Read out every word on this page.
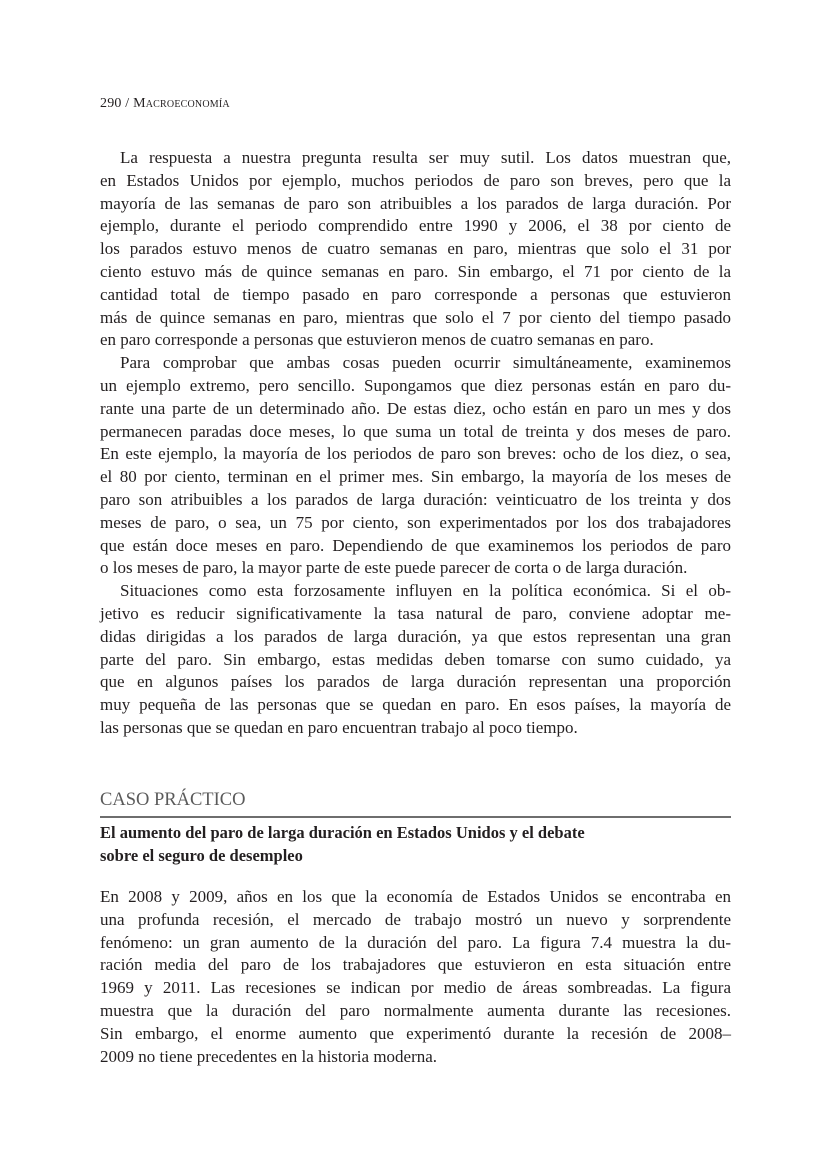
290 / Macroeconomía
La respuesta a nuestra pregunta resulta ser muy sutil. Los datos muestran que,
en Estados Unidos por ejemplo, muchos periodos de paro son breves, pero que la
mayoría de las semanas de paro son atribuibles a los parados de larga duración. Por
ejemplo, durante el periodo comprendido entre 1990 y 2006, el 38 por ciento de
los parados estuvo menos de cuatro semanas en paro, mientras que solo el 31 por
ciento estuvo más de quince semanas en paro. Sin embargo, el 71 por ciento de la
cantidad total de tiempo pasado en paro corresponde a personas que estuvieron
más de quince semanas en paro, mientras que solo el 7 por ciento del tiempo pasado
en paro corresponde a personas que estuvieron menos de cuatro semanas en paro.
Para comprobar que ambas cosas pueden ocurrir simultáneamente, examinemos
un ejemplo extremo, pero sencillo. Supongamos que diez personas están en paro du-
rante una parte de un determinado año. De estas diez, ocho están en paro un mes y dos
permanecen paradas doce meses, lo que suma un total de treinta y dos meses de paro.
En este ejemplo, la mayoría de los periodos de paro son breves: ocho de los diez, o sea,
el 80 por ciento, terminan en el primer mes. Sin embargo, la mayoría de los meses de
paro son atribuibles a los parados de larga duración: veinticuatro de los treinta y dos
meses de paro, o sea, un 75 por ciento, son experimentados por los dos trabajadores
que están doce meses en paro. Dependiendo de que examinemos los periodos de paro
o los meses de paro, la mayor parte de este puede parecer de corta o de larga duración.
Situaciones como esta forzosamente influyen en la política económica. Si el ob-
jetivo es reducir significativamente la tasa natural de paro, conviene adoptar me-
didas dirigidas a los parados de larga duración, ya que estos representan una gran
parte del paro. Sin embargo, estas medidas deben tomarse con sumo cuidado, ya
que en algunos países los parados de larga duración representan una proporción
muy pequeña de las personas que se quedan en paro. En esos países, la mayoría de
las personas que se quedan en paro encuentran trabajo al poco tiempo.
CASO PRÁCTICO
El aumento del paro de larga duración en Estados Unidos y el debate
sobre el seguro de desempleo
En 2008 y 2009, años en los que la economía de Estados Unidos se encontraba en
una profunda recesión, el mercado de trabajo mostró un nuevo y sorprendente
fenómeno: un gran aumento de la duración del paro. La figura 7.4 muestra la du-
ración media del paro de los trabajadores que estuvieron en esta situación entre
1969 y 2011. Las recesiones se indican por medio de áreas sombreadas. La figura
muestra que la duración del paro normalmente aumenta durante las recesiones.
Sin embargo, el enorme aumento que experimentó durante la recesión de 2008–
2009 no tiene precedentes en la historia moderna.
